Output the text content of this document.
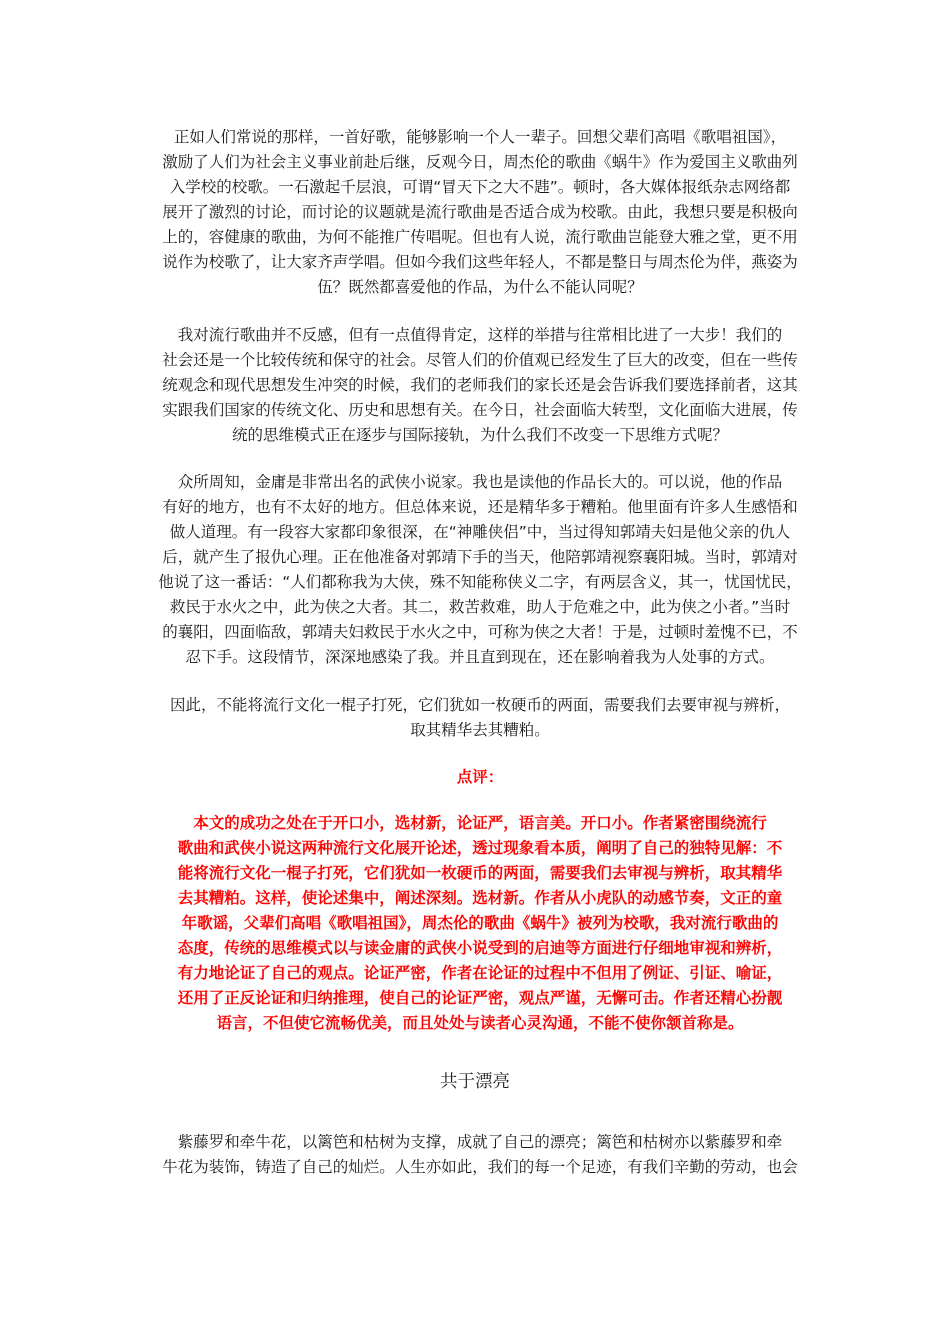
正如人们常说的那样，一首好歌，能够影响一个人一辈子。回想父辈们高唱《歌唱祖国》，
激励了人们为社会主义事业前赴后继，反观今日，周杰伦的歌曲《蜗牛》作为爱国主义歌曲列
入学校的校歌。一石激起千层浪，可谓“冒天下之大不韪”。顿时，各大媒体报纸杂志网络都
展开了激烈的讨论，而讨论的议题就是流行歌曲是否适合成为校歌。由此，我想只要是积极向
上的，容健康的歌曲，为何不能推广传唱呢。但也有人说，流行歌曲岂能登大雅之堂，更不用
说作为校歌了，让大家齐声学唱。但如今我们这些年轻人，不都是整日与周杰伦为伴，燕姿为
伍？既然都喜爱他的作品，为什么不能认同呢？
我对流行歌曲并不反感，但有一点值得肯定，这样的举措与往常相比进了一大步！我们的
社会还是一个比较传统和保守的社会。尽管人们的价值观已经发生了巨大的改变，但在一些传
统观念和现代思想发生冲突的时候，我们的老师我们的家长还是会告诉我们要选择前者，这其
实跟我们国家的传统文化、历史和思想有关。在今日，社会面临大转型，文化面临大进展，传
统的思维模式正在逐步与国际接轨，为什么我们不改变一下思维方式呢？
众所周知，金庸是非常出名的武侠小说家。我也是读他的作品长大的。可以说，他的作品
有好的地方，也有不太好的地方。但总体来说，还是精华多于糟粕。他里面有许多人生感悟和
做人道理。有一段容大家都印象很深，在“神雕侠侣”中，当过得知郭靖夫妇是他父亲的仇人
后，就产生了报仇心理。正在他准备对郭靖下手的当天，他陪郭靖视察襄阳城。当时，郭靖对
他说了这一番话：“人们都称我为大侠，殊不知能称侠义二字，有两层含义，其一，忧国忧民，
救民于水火之中，此为侠之大者。其二，救苦救难，助人于危难之中，此为侠之小者。”当时
的襄阳，四面临敌，郭靖夫妇救民于水火之中，可称为侠之大者！于是，过顿时羞愧不已，不
忍下手。这段情节，深深地感染了我。并且直到现在，还在影响着我为人处事的方式。
因此，不能将流行文化一棍子打死，它们犹如一枚硬币的两面，需要我们去要审视与辨析，
取其精华去其糟粕。
点评：
本文的成功之处在于开口小，选材新，论证严，语言美。开口小。作者紧密围绕流行
歌曲和武侠小说这两种流行文化展开论述，透过现象看本质，阐明了自己的独特见解：不
能将流行文化一棍子打死，它们犹如一枚硬币的两面，需要我们去审视与辨析，取其精华
去其糟粕。这样，使论述集中，阐述深刻。选材新。作者从小虎队的动感节奏，文正的童
年歌谣，父辈们高唱《歌唱祖国》，周杰伦的歌曲《蜗牛》被列为校歌，我对流行歌曲的
态度，传统的思维模式以与读金庸的武侠小说受到的启迪等方面进行仔细地审视和辨析，
有力地论证了自己的观点。论证严密，作者在论证的过程中不但用了例证、引证、喻证，
还用了正反论证和归纳推理，使自己的论证严密，观点严谨，无懈可击。作者还精心扮靓
语言，不但使它流畅优美，而且处处与读者心灵沟通，不能不使你颔首称是。
共于漂亮
紫藤罗和牵牛花，以篱笆和枯树为支撑，成就了自己的漂亮；篱笆和枯树亦以紫藤罗和牵
牛花为装饰，铸造了自己的灿烂。人生亦如此，我们的每一个足迹，有我们辛勤的劳动，也会
